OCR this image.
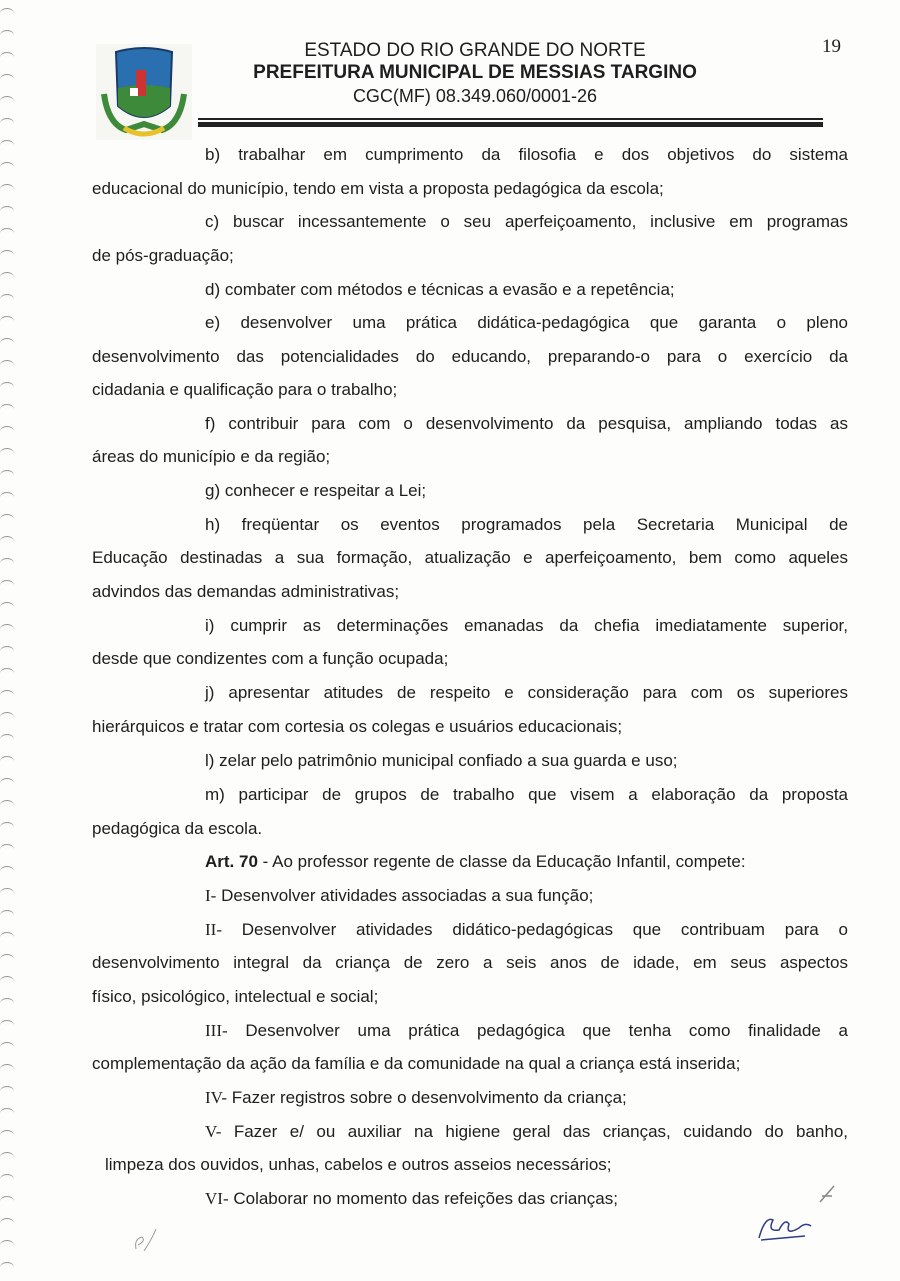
ESTADO DO RIO GRANDE DO NORTE
PREFEITURA MUNICIPAL DE MESSIAS TARGINO
CGC(MF) 08.349.060/0001-26
19
b) trabalhar em cumprimento da filosofia e dos objetivos do sistema
educacional do município, tendo em vista a proposta pedagógica da escola;
c) buscar incessantemente o seu aperfeiçoamento, inclusive em programas
de pós-graduação;
d) combater com métodos e técnicas a evasão e a repetência;
e) desenvolver uma prática didática-pedagógica que garanta o pleno
desenvolvimento das potencialidades do educando, preparando-o para o exercício da
cidadania e qualificação para o trabalho;
f) contribuir para com o desenvolvimento da pesquisa, ampliando todas as
áreas do município e da região;
g) conhecer e respeitar a Lei;
h) freqüentar os eventos programados pela Secretaria Municipal de
Educação destinadas a sua formação, atualização e aperfeiçoamento, bem como aqueles
advindos das demandas administrativas;
i) cumprir as determinações emanadas da chefia imediatamente superior,
desde que condizentes com a função ocupada;
j) apresentar atitudes de respeito e consideração para com os superiores
hierárquicos e tratar com cortesia os colegas e usuários educacionais;
l) zelar pelo patrimônio municipal confiado a sua guarda e uso;
m) participar de grupos de trabalho que visem a elaboração da proposta
pedagógica da escola.
Art. 70 - Ao professor regente de classe da Educação Infantil, compete:
I- Desenvolver atividades associadas a sua função;
II- Desenvolver atividades didático-pedagógicas que contribuam para o
desenvolvimento integral da criança de zero a seis anos de idade, em seus aspectos
físico, psicológico, intelectual e social;
III- Desenvolver uma prática pedagógica que tenha como finalidade a
complementação da ação da família e da comunidade na qual a criança está inserida;
IV- Fazer registros sobre o desenvolvimento da criança;
V- Fazer e/ ou auxiliar na higiene geral das crianças, cuidando do banho,
limpeza dos ouvidos, unhas, cabelos e outros asseios necessários;
VI- Colaborar no momento das refeições das crianças;
